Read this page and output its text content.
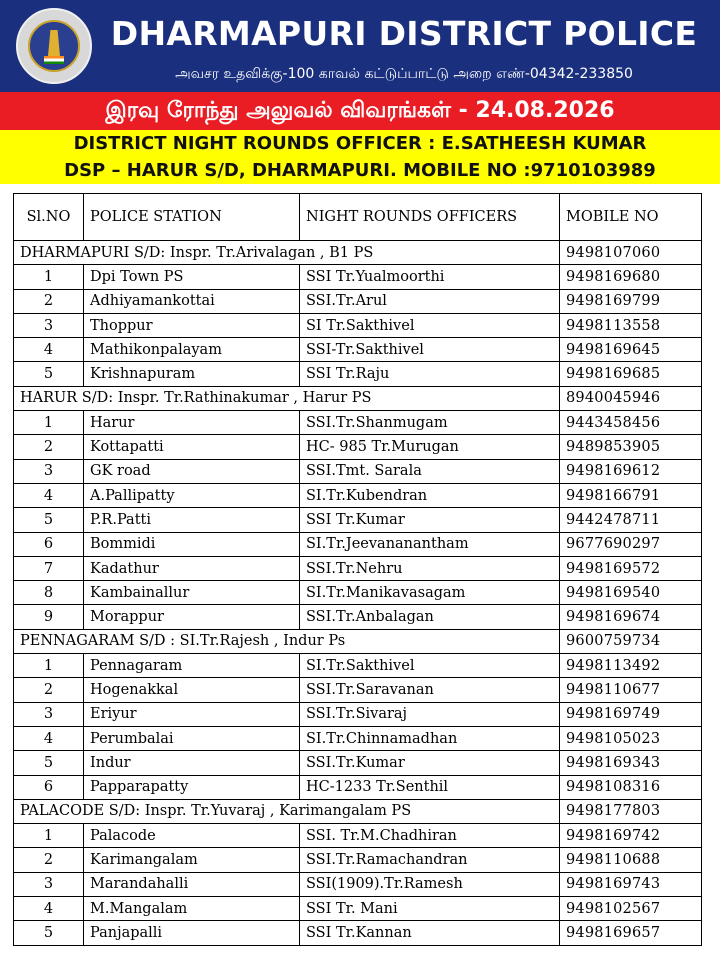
DHARMAPURI DISTRICT POLICE
அவசர உதவிக்கு-100 காவல் கட்டுப்பாட்டு அறை எண்-04342-233850
இரவு ரோந்து அலுவல் விவரங்கள் - 24.08.2026
DISTRICT NIGHT ROUNDS OFFICER : E.SATHEESH KUMAR
DSP – HARUR S/D, DHARMAPURI. MOBILE NO :9710103989
Sl.NO	POLICE STATION	NIGHT ROUNDS OFFICERS	MOBILE NO
DHARMAPURI S/D: Inspr. Tr.Arivalagan , B1 PS			9498107060
1	Dpi Town PS	SSI Tr.Yualmoorthi	9498169680
2	Adhiyamankottai	SSI.Tr.Arul	9498169799
3	Thoppur	SI Tr.Sakthivel	9498113558
4	Mathikonpalayam	SSI-Tr.Sakthivel	9498169645
5	Krishnapuram	SSI Tr.Raju	9498169685
HARUR S/D: Inspr. Tr.Rathinakumar , Harur PS			8940045946
1	Harur	SSI.Tr.Shanmugam	9443458456
2	Kottapatti	HC- 985 Tr.Murugan	9489853905
3	GK road	SSI.Tmt. Sarala	9498169612
4	A.Pallipatty	SI.Tr.Kubendran	9498166791
5	P.R.Patti	SSI Tr.Kumar	9442478711
6	Bommidi	SI.Tr.Jeevananantham	9677690297
7	Kadathur	SSI.Tr.Nehru	9498169572
8	Kambainallur	SI.Tr.Manikavasagam	9498169540
9	Morappur	SSI.Tr.Anbalagan	9498169674
PENNAGARAM S/D : SI.Tr.Rajesh , Indur Ps			9600759734
1	Pennagaram	SI.Tr.Sakthivel	9498113492
2	Hogenakkal	SSI.Tr.Saravanan	9498110677
3	Eriyur	SSI.Tr.Sivaraj	9498169749
4	Perumbalai	SI.Tr.Chinnamadhan	9498105023
5	Indur	SSI.Tr.Kumar	9498169343
6	Papparapatty	HC-1233 Tr.Senthil	9498108316
PALACODE S/D: Inspr. Tr.Yuvaraj , Karimangalam PS			9498177803
1	Palacode	SSI. Tr.M.Chadhiran	9498169742
2	Karimangalam	SSI.Tr.Ramachandran	9498110688
3	Marandahalli	SSI(1909).Tr.Ramesh	9498169743
4	M.Mangalam	SSI Tr. Mani	9498102567
5	Panjapalli	SSI Tr.Kannan	9498169657
